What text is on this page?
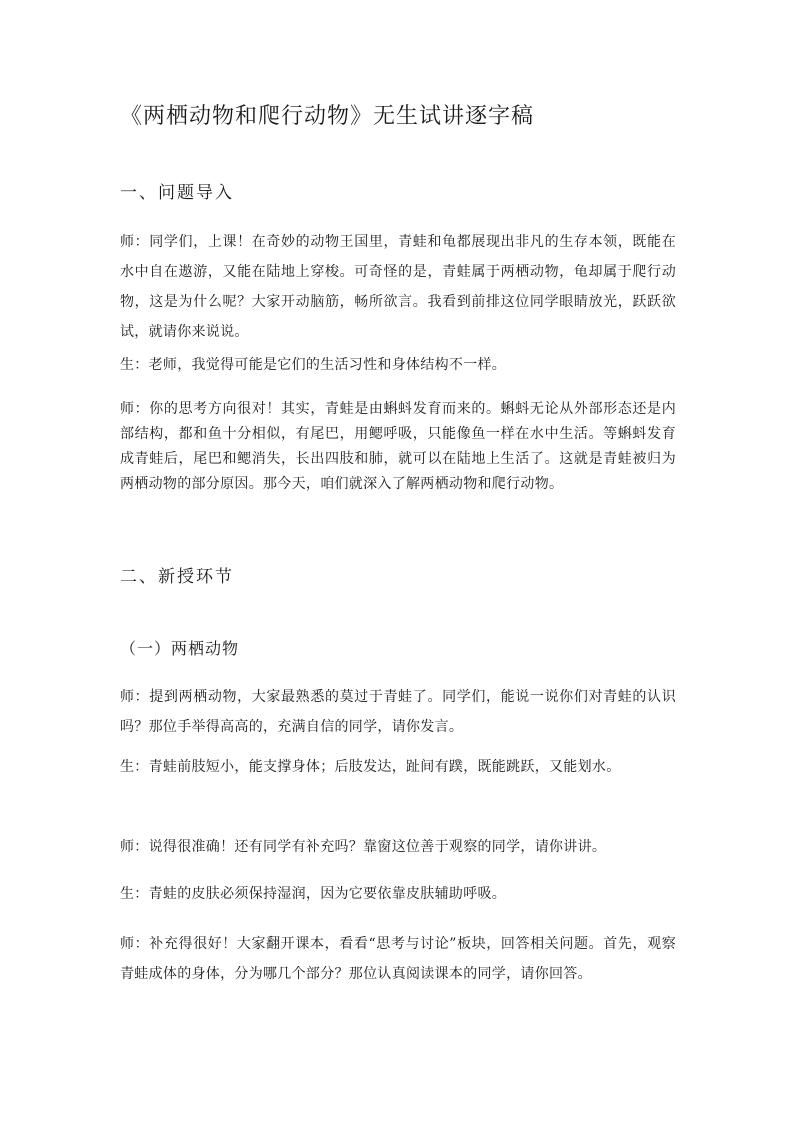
《两栖动物和爬行动物》无生试讲逐字稿
一、问题导入

师：同学们，上课！在奇妙的动物王国里，青蛙和龟都展现出非凡的生存本领，既能在水中自在遨游，又能在陆地上穿梭。可奇怪的是，青蛙属于两栖动物，龟却属于爬行动物，这是为什么呢？大家开动脑筋，畅所欲言。我看到前排这位同学眼睛放光，跃跃欲试，就请你来说说。

生：老师，我觉得可能是它们的生活习性和身体结构不一样。

师：你的思考方向很对！其实，青蛙是由蝌蚪发育而来的。蝌蚪无论从外部形态还是内部结构，都和鱼十分相似，有尾巴，用鳃呼吸，只能像鱼一样在水中生活。等蝌蚪发育成青蛙后，尾巴和鳃消失，长出四肢和肺，就可以在陆地上生活了。这就是青蛙被归为两栖动物的部分原因。那今天，咱们就深入了解两栖动物和爬行动物。

二、新授环节
（一）两栖动物

师：提到两栖动物，大家最熟悉的莫过于青蛙了。同学们，能说一说你们对青蛙的认识吗？那位手举得高高的，充满自信的同学，请你发言。

生：青蛙前肢短小，能支撑身体；后肢发达，趾间有蹼，既能跳跃，又能划水。

师：说得很准确！还有同学有补充吗？靠窗这位善于观察的同学，请你讲讲。

生：青蛙的皮肤必须保持湿润，因为它要依靠皮肤辅助呼吸。

师：补充得很好！大家翻开课本，看看“思考与讨论”板块，回答相关问题。首先，观察青蛙成体的身体，分为哪几个部分？那位认真阅读课本的同学，请你回答。
